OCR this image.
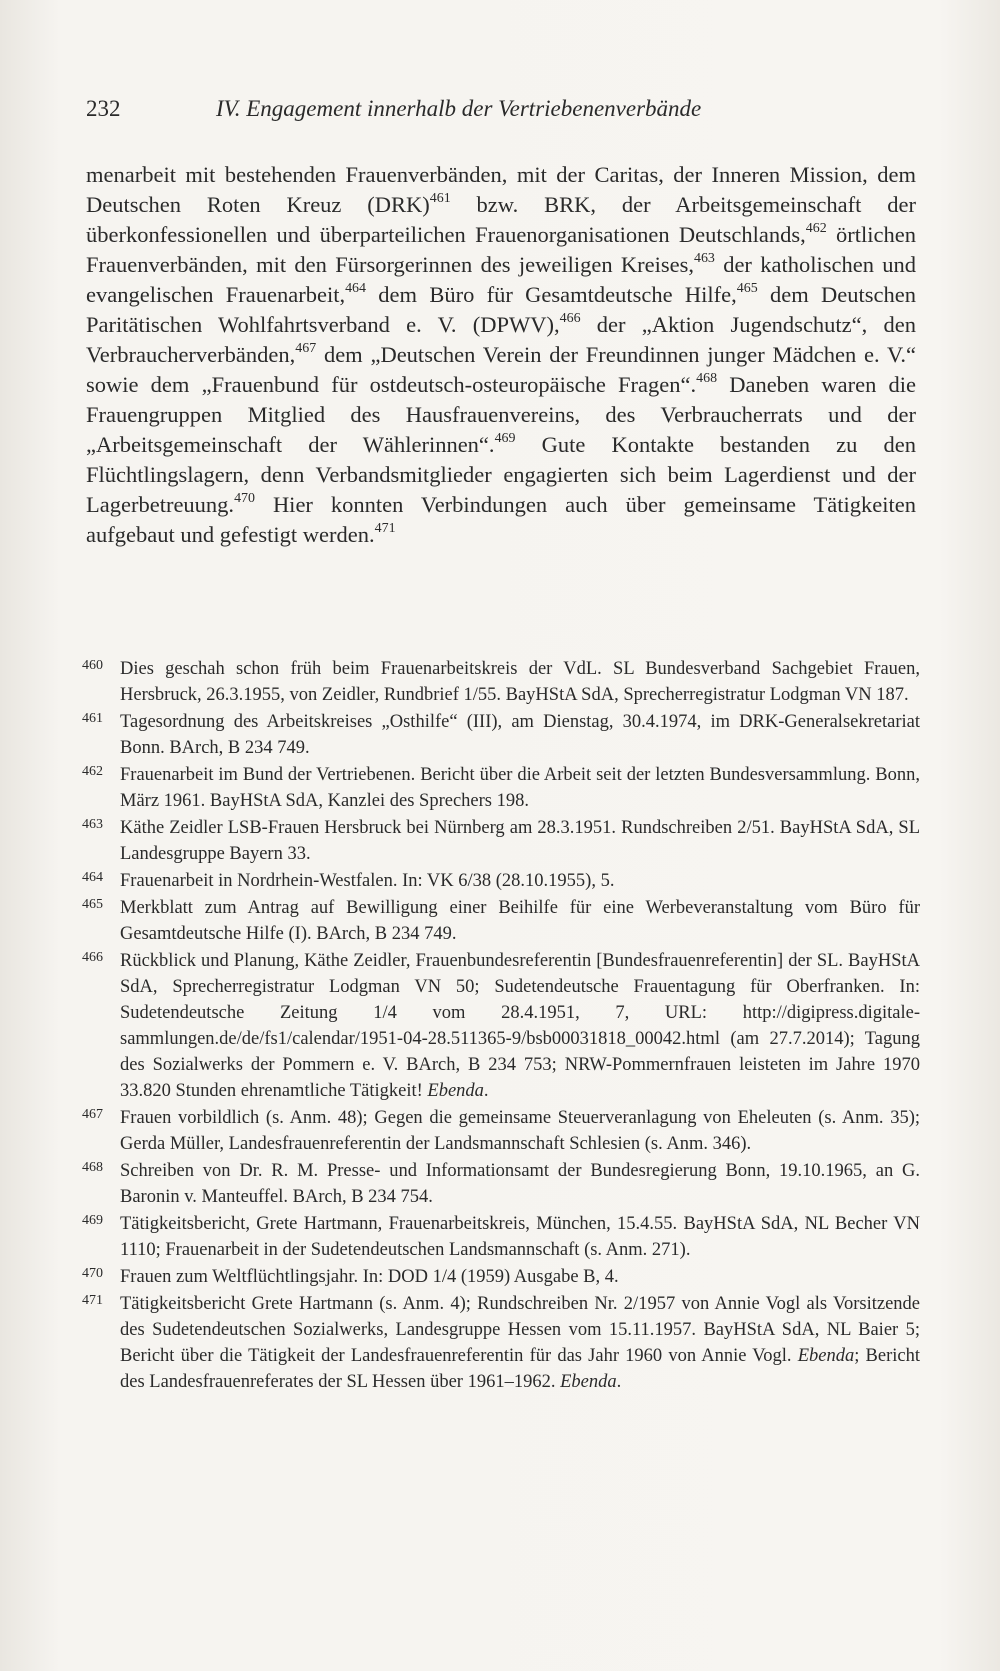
232	IV. Engagement innerhalb der Vertriebenenverbände

menarbeit mit bestehenden Frauenverbänden, mit der Caritas, der Inneren Mission, dem Deutschen Roten Kreuz (DRK)$^{461}$ bzw. BRK, der Arbeitsgemeinschaft der überkonfessionellen und überparteilichen Frauenorganisationen Deutschlands,$^{462}$ örtlichen Frauenverbänden, mit den Fürsorgerinnen des jeweiligen Kreises,$^{463}$ der katholischen und evangelischen Frauenarbeit,$^{464}$ dem Büro für Gesamtdeutsche Hilfe,$^{465}$ dem Deutschen Paritätischen Wohlfahrtsverband e. V. (DPWV),$^{466}$ der „Aktion Jugendschutz“, den Verbraucherverbänden,$^{467}$ dem „Deutschen Verein der Freundinnen junger Mädchen e. V.“ sowie dem „Frauenbund für ostdeutsch-osteuropäische Fragen“.$^{468}$ Daneben waren die Frauengruppen Mitglied des Hausfrauenvereins, des Verbraucherrats und der „Arbeitsgemeinschaft der Wählerinnen“.$^{469}$ Gute Kontakte bestanden zu den Flüchtlingslagern, denn Verbandsmitglieder engagierten sich beim Lagerdienst und der Lagerbetreuung.$^{470}$ Hier konnten Verbindungen auch über gemeinsame Tätigkeiten aufgebaut und gefestigt werden.$^{471}$

460 Dies geschah schon früh beim Frauenarbeitskreis der VdL. SL Bundesverband Sachgebiet Frauen, Hersbruck, 26.3.1955, von Zeidler, Rundbrief 1/55. BayHStA SdA, Sprecherregistratur Lodgman VN 187.
461 Tagesordnung des Arbeitskreises „Osthilfe“ (III), am Dienstag, 30.4.1974, im DRK-Generalsekretariat Bonn. BArch, B 234 749.
462 Frauenarbeit im Bund der Vertriebenen. Bericht über die Arbeit seit der letzten Bundesversammlung. Bonn, März 1961. BayHStA SdA, Kanzlei des Sprechers 198.
463 Käthe Zeidler LSB-Frauen Hersbruck bei Nürnberg am 28.3.1951. Rundschreiben 2/51. BayHStA SdA, SL Landesgruppe Bayern 33.
464 Frauenarbeit in Nordrhein-Westfalen. In: VK 6/38 (28.10.1955), 5.
465 Merkblatt zum Antrag auf Bewilligung einer Beihilfe für eine Werbeveranstaltung vom Büro für Gesamtdeutsche Hilfe (I). BArch, B 234 749.
466 Rückblick und Planung, Käthe Zeidler, Frauenbundesreferentin [Bundesfrauenreferentin] der SL. BayHStA SdA, Sprecherregistratur Lodgman VN 50; Sudetendeutsche Frauentagung für Oberfranken. In: Sudetendeutsche Zeitung 1/4 vom 28.4.1951, 7, URL: http://digipress.digitale-sammlungen.de/de/fs1/calendar/1951-04-28.511365-9/bsb00031818_00042.html (am 27.7.2014); Tagung des Sozialwerks der Pommern e. V. BArch, B 234 753; NRW-Pommernfrauen leisteten im Jahre 1970 33.820 Stunden ehrenamtliche Tätigkeit! Ebenda.
467 Frauen vorbildlich (s. Anm. 48); Gegen die gemeinsame Steuerveranlagung von Eheleuten (s. Anm. 35); Gerda Müller, Landesfrauenreferentin der Landsmannschaft Schlesien (s. Anm. 346).
468 Schreiben von Dr. R. M. Presse- und Informationsamt der Bundesregierung Bonn, 19.10.1965, an G. Baronin v. Manteuffel. BArch, B 234 754.
469 Tätigkeitsbericht, Grete Hartmann, Frauenarbeitskreis, München, 15.4.55. BayHStA SdA, NL Becher VN 1110; Frauenarbeit in der Sudetendeutschen Landsmannschaft (s. Anm. 271).
470 Frauen zum Weltflüchtlingsjahr. In: DOD 1/4 (1959) Ausgabe B, 4.
471 Tätigkeitsbericht Grete Hartmann (s. Anm. 4); Rundschreiben Nr. 2/1957 von Annie Vogl als Vorsitzende des Sudetendeutschen Sozialwerks, Landesgruppe Hessen vom 15.11.1957. BayHStA SdA, NL Baier 5; Bericht über die Tätigkeit der Landesfrauenreferentin für das Jahr 1960 von Annie Vogl. Ebenda; Bericht des Landesfrauenreferates der SL Hessen über 1961–1962. Ebenda.
